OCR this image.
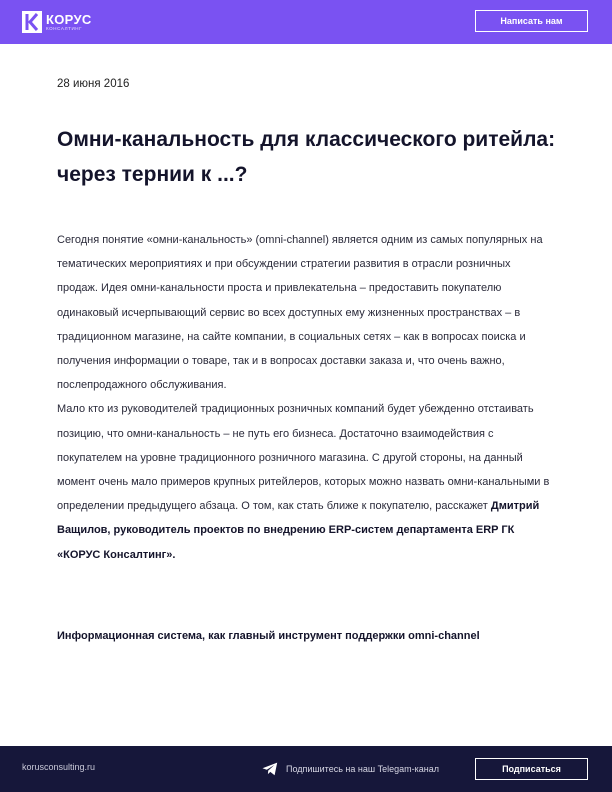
КОРУС
КОНСАЛТИНГ
Написать нам
28 июня 2016
Омни-канальность для классического ритейла: через тернии к ...?

Сегодня понятие «омни-канальность» (omni-channel) является одним из самых популярных на тематических мероприятиях и при обсуждении стратегии развития в отрасли розничных продаж. Идея омни-канальности проста и привлекательна – предоставить покупателю одинаковый исчерпывающий сервис во всех доступных ему жизненных пространствах – в традиционном магазине, на сайте компании, в социальных сетях – как в вопросах поиска и получения информации о товаре, так и в вопросах доставки заказа и, что очень важно, послепродажного обслуживания.
Мало кто из руководителей традиционных розничных компаний будет убежденно отстаивать позицию, что омни-канальность – не путь его бизнеса. Достаточно взаимодействия с покупателем на уровне традиционного розничного магазина. С другой стороны, на данный момент очень мало примеров крупных ритейлеров, которых можно назвать омни-канальными в определении предыдущего абзаца. О том, как стать ближе к покупателю, расскажет Дмитрий Ващилов, руководитель проектов по внедрению ERP-систем департамента ERP ГК «КОРУС Консалтинг».

Информационная система, как главный инструмент поддержки omni-channel
korusconsulting.ru	Подпишитесь на наш Telegam-канал	Подписаться
